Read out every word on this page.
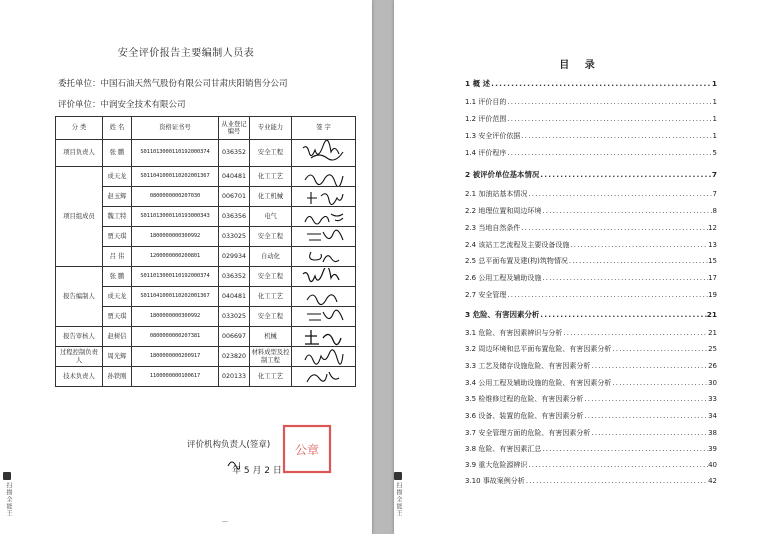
安全评价报告主要编制人员表
委托单位：中国石油天然气股份有限公司甘肃庆阳销售分公司
评价单位：中润安全技术有限公司
分 类	姓 名	资格证书号	从业登记编号	专业能力	签 字
项目负责人	张 鹏	S011013000110192000374	036352	安全工程	

项目组成员	成天龙	S011041000110202001367	040481	化工工艺	

	赵玉辉	0800000000207030	006701	化工机械	

	魏工特	S011013000110193000343	036356	电气	

	贾天琪	1800000000300992	033025	安全工程	

	吕 伟	1200000000200801	029934	自动化	

报告编制人	张 鹏	S011013000110192000374	036352	安全工程	

	成天龙	S011041000110202001367	040481	化工工艺	

	贾天琪	1800000000300992	033025	安全工程	

报告审核人	赵树信	0800000000207381	006697	机械	

过程控制负责人	周光辉	1800000000200917	023820	材料成型及控制工程	

技术负责人	孙铁刚	1100000000100617	020133	化工工艺	
公章
评价机构负责人(签章)
年 5 月 2 日
扫描全能王
—
扫描全能王
目 录
1 概 述 .....	1
1.1 评价目的 .....	1
1.2 评价范围 .....	1
1.3 安全评价依据 .....	1
1.4 评价程序 .....	5
2 被评价单位基本情况 .....	7
2.1 加油站基本情况 .....	7
2.2 地理位置和周边环境 .....	8
2.3 当地自然条件 .....	12
2.4 该站工艺流程及主要设备设施 .....	13
2.5 总平面布置及建(构)筑物情况 .....	15
2.6 公用工程及辅助设施 .....	17
2.7 安全管理 .....	19
3 危险、有害因素分析 .....	21
3.1 危险、有害因素辨识与分析 .....	21
3.2 周边环境和总平面布置危险、有害因素分析 .....	25
3.3 工艺及储存设施危险、有害因素分析 .....	26
3.4 公用工程及辅助设施的危险、有害因素分析 .....	30
3.5 检维修过程的危险、有害因素分析 .....	33
3.6 设备、装置的危险、有害因素分析 .....	34
3.7 安全管理方面的危险、有害因素分析 .....	38
3.8 危险、有害因素汇总 .....	39
3.9 重大危险源辨识 .....	40
3.10 事故案例分析 .....	42
